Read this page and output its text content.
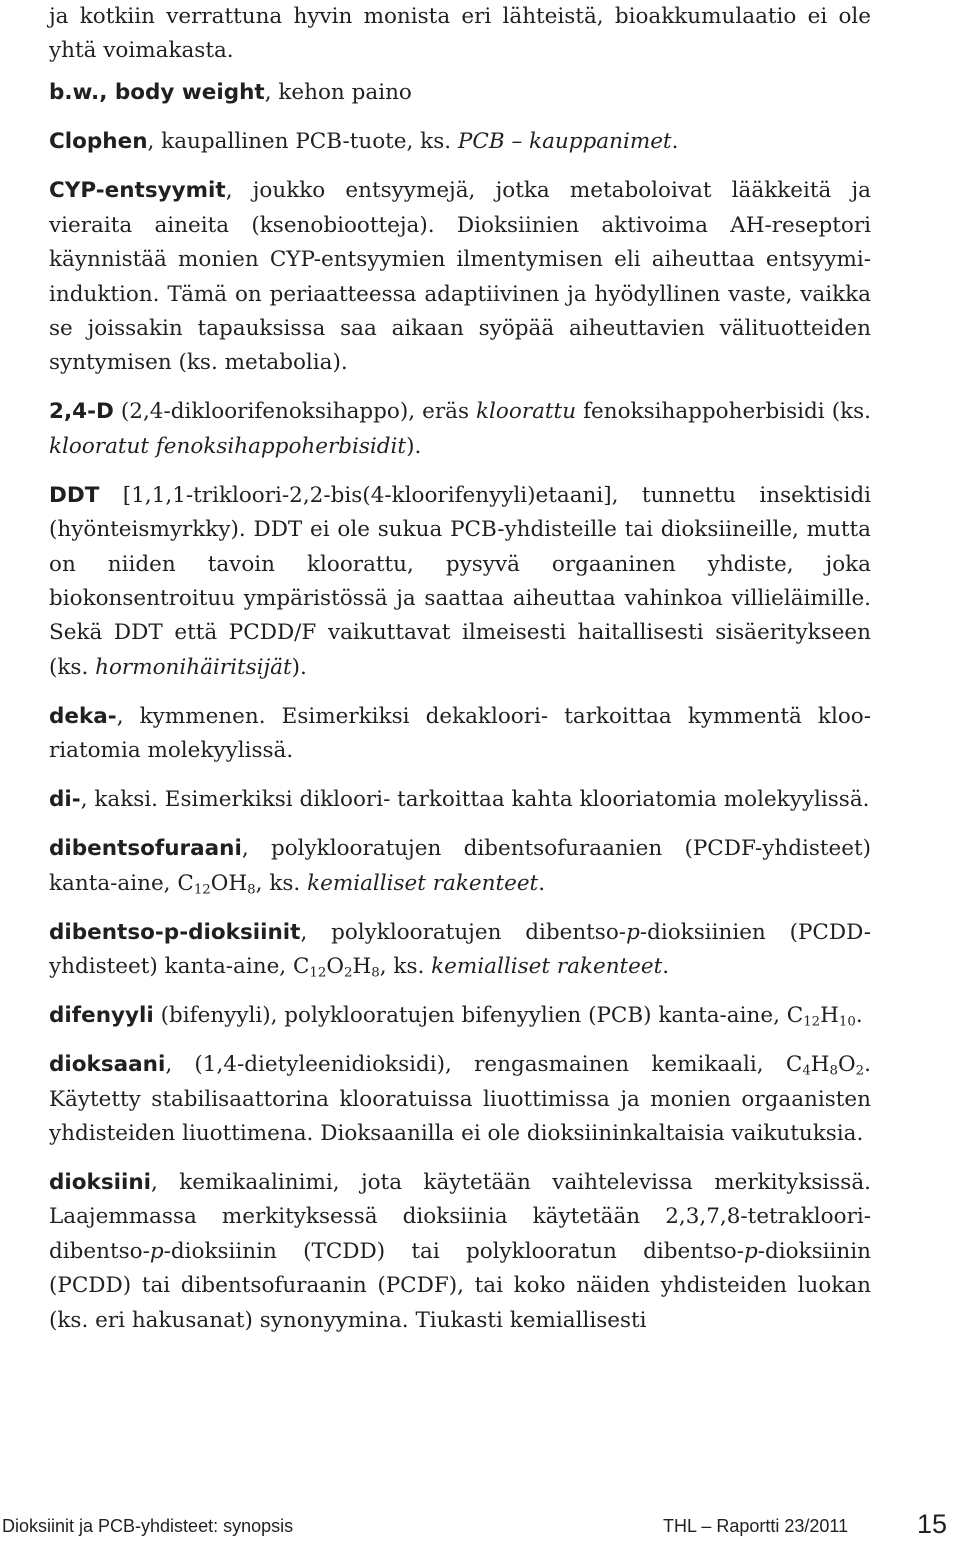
ja kotkiin verrattuna hyvin monista eri lähteistä, bioakkumulaatio ei ole yhtä voimakasta.

b.w., body weight, kehon paino

Clophen, kaupallinen PCB-tuote, ks. PCB – kauppanimet.

CYP-entsyymit, joukko entsyymejä, jotka metaboloivat lääkkeitä ja vieraita aineita (ksenobiootteja). Dioksiinien aktivoima AH-reseptori käynnistää monien CYP-entsyymien ilmentymisen eli aiheuttaa entsyymi-induktion. Tämä on periaatteessa adaptiivinen ja hyödyllinen vaste, vaikka se joissakin tapauksissa saa aikaan syöpää aiheuttavien välituotteiden syntymisen (ks. metabolia).

2,4-D (2,4-dikloorifenoksihappo), eräs kloorattu fenoksihappoherbisidi (ks. klooratut fenoksihappoherbisidit).

DDT [1,1,1-trikloori-2,2-bis(4-kloorifenyyli)etaani], tunnettu insektisidi (hyönteismyrkky). DDT ei ole sukua PCB-yhdisteille tai dioksiineille, mutta on niiden tavoin kloorattu, pysyvä orgaaninen yhdiste, joka biokonsentroituu ympäristössä ja saattaa aiheuttaa vahinkoa villieläimille. Sekä DDT että PCDD/F vaikuttavat ilmeisesti haitallisesti sisäeritykseen (ks. hormonihäiritsijät).

deka-, kymmenen. Esimerkiksi dekakloori- tarkoittaa kymmentä klooriatomia molekyylissä.

di-, kaksi. Esimerkiksi dikloori- tarkoittaa kahta klooriatomia molekyylissä.

dibentsofuraani, polyklooratujen dibentsofuraanien (PCDF-yhdisteet) kanta-aine, $C_{12}OH_8$, ks. kemialliset rakenteet.

dibentso-p-dioksiinit, polyklooratujen dibentso-p-dioksiinien (PCDD-yhdisteet) kanta-aine, $C_{12}O_2H_8$, ks. kemialliset rakenteet.

difenyyli (bifenyyli), polyklooratujen bifenyylien (PCB) kanta-aine, $C_{12}H_{10}$.

dioksaani, (1,4-dietyleenidioksidi), rengasmainen kemikaali, $C_4H_8O_2$. Käytetty stabilisaattorina klooratuissa liuottimissa ja monien orgaanisten yhdisteiden liuottimena. Dioksaanilla ei ole dioksiininkaltaisia vaikutuksia.

dioksiini, kemikaalinimi, jota käytetään vaihtelevissa merkityksissä. Laajemmassa merkityksessä dioksiinia käytetään 2,3,7,8-tetraklooridibentso-p-dioksiinin (TCDD) tai polyklooratun dibentso-p-dioksiinin (PCDD) tai dibentsofuraanin (PCDF), tai koko näiden yhdisteiden luokan (ks. eri hakusanat) synonyymina. Tiukasti kemiallisesti

Dioksiinit ja PCB-yhdisteet: synopsis	THL – Raportti 23/2011	15
